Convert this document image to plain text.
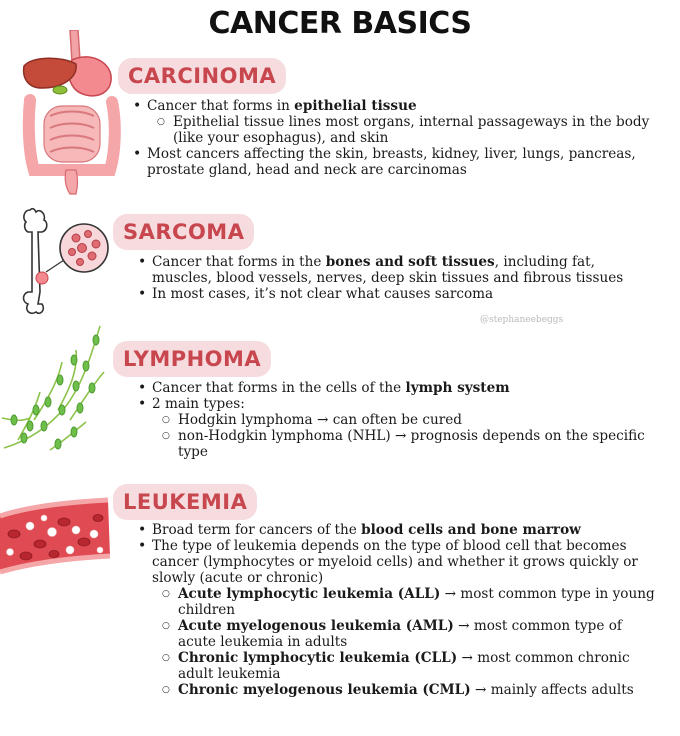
CANCER BASICS
CARCINOMA
• Cancer that forms in epithelial tissue
○ Epithelial tissue lines most organs, internal passageways in the body (like your esophagus), and skin
• Most cancers affecting the skin, breasts, kidney, liver, lungs, pancreas, prostate gland, head and neck are carcinomas
SARCOMA
• Cancer that forms in the bones and soft tissues, including fat, muscles, blood vessels, nerves, deep skin tissues and fibrous tissues
• In most cases, it’s not clear what causes sarcoma
@stephaneebeggs
LYMPHOMA
• Cancer that forms in the cells of the lymph system
• 2 main types:
○ Hodgkin lymphoma → can often be cured
○ non-Hodgkin lymphoma (NHL) → prognosis depends on the specific type
LEUKEMIA
• Broad term for cancers of the blood cells and bone marrow
• The type of leukemia depends on the type of blood cell that becomes cancer (lymphocytes or myeloid cells) and whether it grows quickly or slowly (acute or chronic)
○ Acute lymphocytic leukemia (ALL) → most common type in young children
○ Acute myelogenous leukemia (AML) → most common type of acute leukemia in adults
○ Chronic lymphocytic leukemia (CLL) → most common chronic adult leukemia
○ Chronic myelogenous leukemia (CML) → mainly affects adults
